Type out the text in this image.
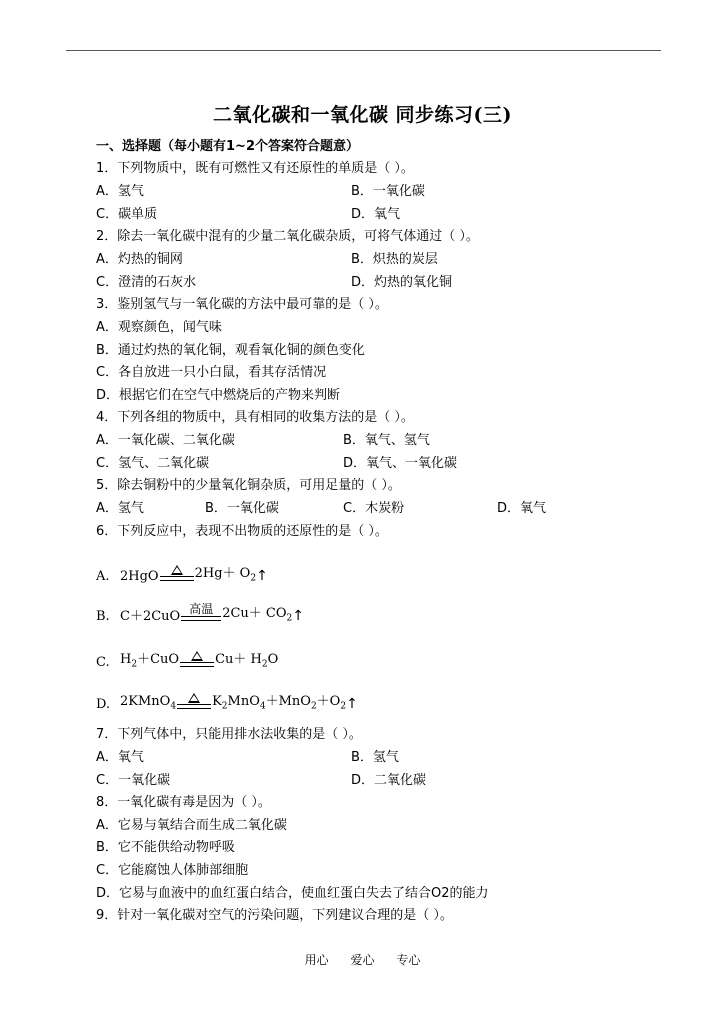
二氧化碳和一氧化碳 同步练习(三)
一、选择题（每小题有1~2个答案符合题意）
1．下列物质中，既有可燃性又有还原性的单质是（ ）。
A．氢气	B．一氧化碳
C．碳单质	D．氧气
2．除去一氧化碳中混有的少量二氧化碳杂质，可将气体通过（ ）。
A．灼热的铜网	B．炽热的炭层
C．澄清的石灰水	D．灼热的氧化铜
3．鉴别氢气与一氧化碳的方法中最可靠的是（ ）。
A．观察颜色，闻气味
B．通过灼热的氧化铜，观看氧化铜的颜色变化
C．各自放进一只小白鼠，看其存活情况
D．根据它们在空气中燃烧后的产物来判断
4．下列各组的物质中，具有相同的收集方法的是（ ）。
A．一氧化碳、二氧化碳	B．氧气、氢气
C．氢气、二氧化碳	D．氧气、一氧化碳
5．除去铜粉中的少量氧化铜杂质，可用足量的（ ）。
A．氢气	B．一氧化碳	C．木炭粉	D．氧气
6．下列反应中，表现不出物质的还原性的是（ ）。
A. 2HgO	$2Hg+ O_2$ ↑
B. C＋2CuO 高温 $2Cu+ CO_2$ ↑
C. $H_2+CuO$	$Cu+ H_2O$
D. 2KMnO$_4$	$K_2MnO_4+MnO_2+O_2$ ↑
7．下列气体中，只能用排水法收集的是（ ）。
A．氧气	B．氢气
C．一氧化碳	D．二氧化碳
8．一氧化碳有毒是因为（ ）。
A．它易与氧结合而生成二氧化碳
B．它不能供给动物呼吸
C．它能腐蚀人体肺部细胞
D．它易与血液中的血红蛋白结合，使血红蛋白失去了结合O2的能力
9．针对一氧化碳对空气的污染问题，下列建议合理的是（ ）。
用心 爱心 专心
